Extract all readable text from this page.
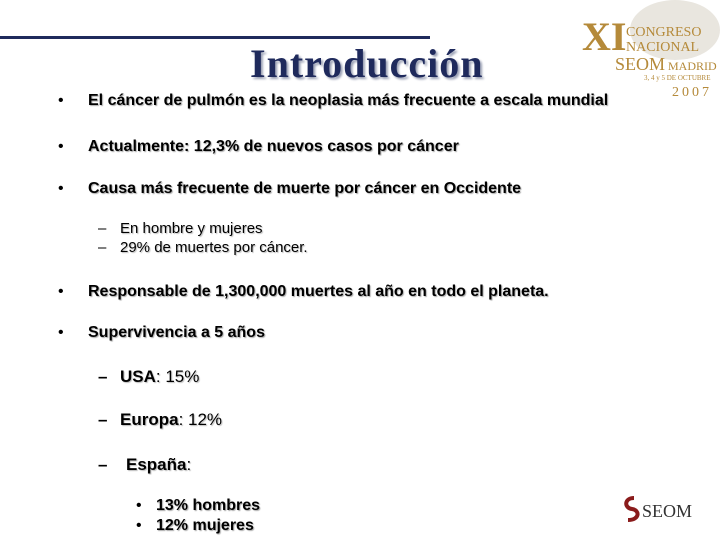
Introducción
XI CONGRESO
NACIONAL
SEOM MADRID
3, 4 y 5 DE OCTUBRE
2007
• El cáncer de pulmón es la neoplasia más frecuente a escala mundial
• Actualmente: 12,3% de nuevos casos por cáncer
• Causa más frecuente de muerte por cáncer en Occidente
– En hombre y mujeres
– 29% de muertes por cáncer.
• Responsable de 1,300,000 muertes al año en todo el planeta.
• Supervivencia a 5 años
– USA: 15%
– Europa: 12%
– España:
• 13% hombres
• 12% mujeres
SEOM
